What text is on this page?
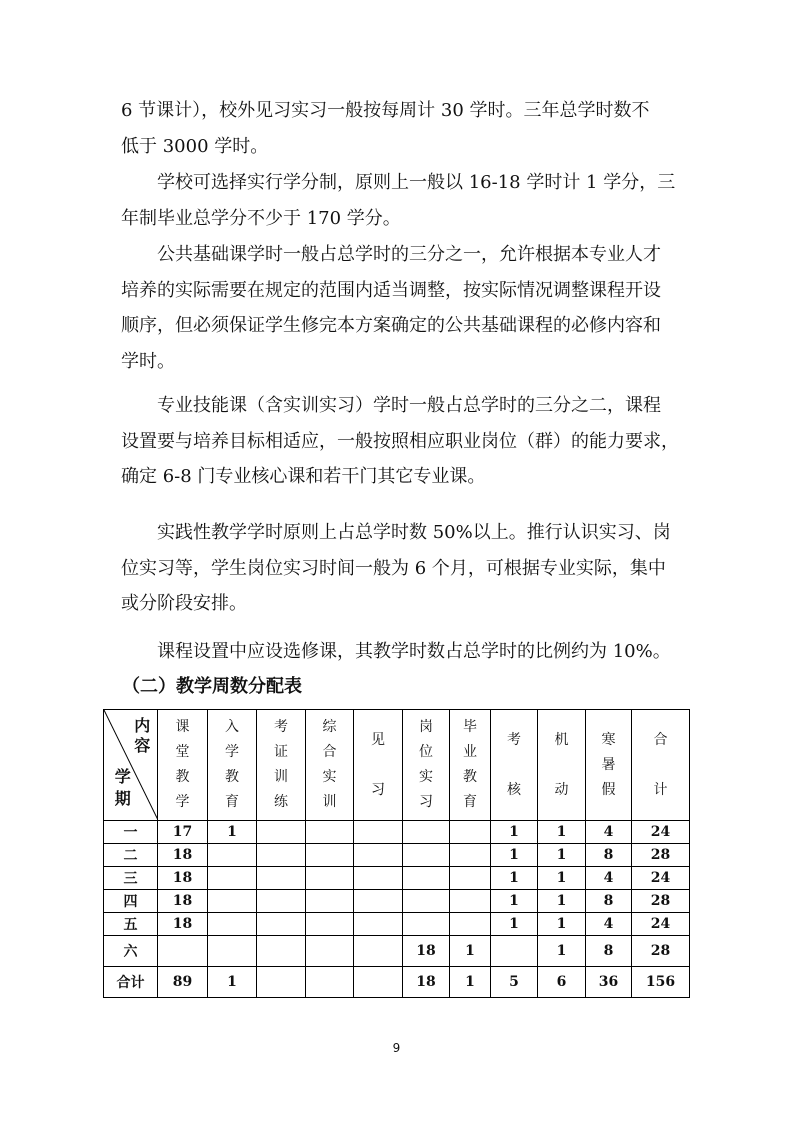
6 节课计），校外见习实习一般按每周计 30 学时。三年总学时数不
低于 3000 学时。

学校可选择实行学分制，原则上一般以 16-18 学时计 1 学分，三
年制毕业总学分不少于 170 学分。

公共基础课学时一般占总学时的三分之一，允许根据本专业人才
培养的实际需要在规定的范围内适当调整，按实际情况调整课程开设
顺序，但必须保证学生修完本方案确定的公共基础课程的必修内容和
学时。

专业技能课（含实训实习）学时一般占总学时的三分之二，课程
设置要与培养目标相适应，一般按照相应职业岗位（群）的能力要求，
确定 6-8 门专业核心课和若干门其它专业课。

实践性教学学时原则上占总学时数 50%以上。推行认识实习、岗
位实习等，学生岗位实习时间一般为 6 个月，可根据专业实际，集中
或分阶段安排。

课程设置中应设选修课，其教学时数占总学时的比例约为 10%。

（二）教学周数分配表
内容
学期	课堂教学	入学教育	考证训练	综合实训	见习	岗位实习	毕业教育	考核	机动	寒暑假	合计
一	17	1						1	1	4	24
二	18							1	1	8	28
三	18							1	1	4	24
四	18							1	1	8	28
五	18							1	1	4	24
六						18	1		1	8	28
合计	89	1				18	1	5	6	36	156
9
